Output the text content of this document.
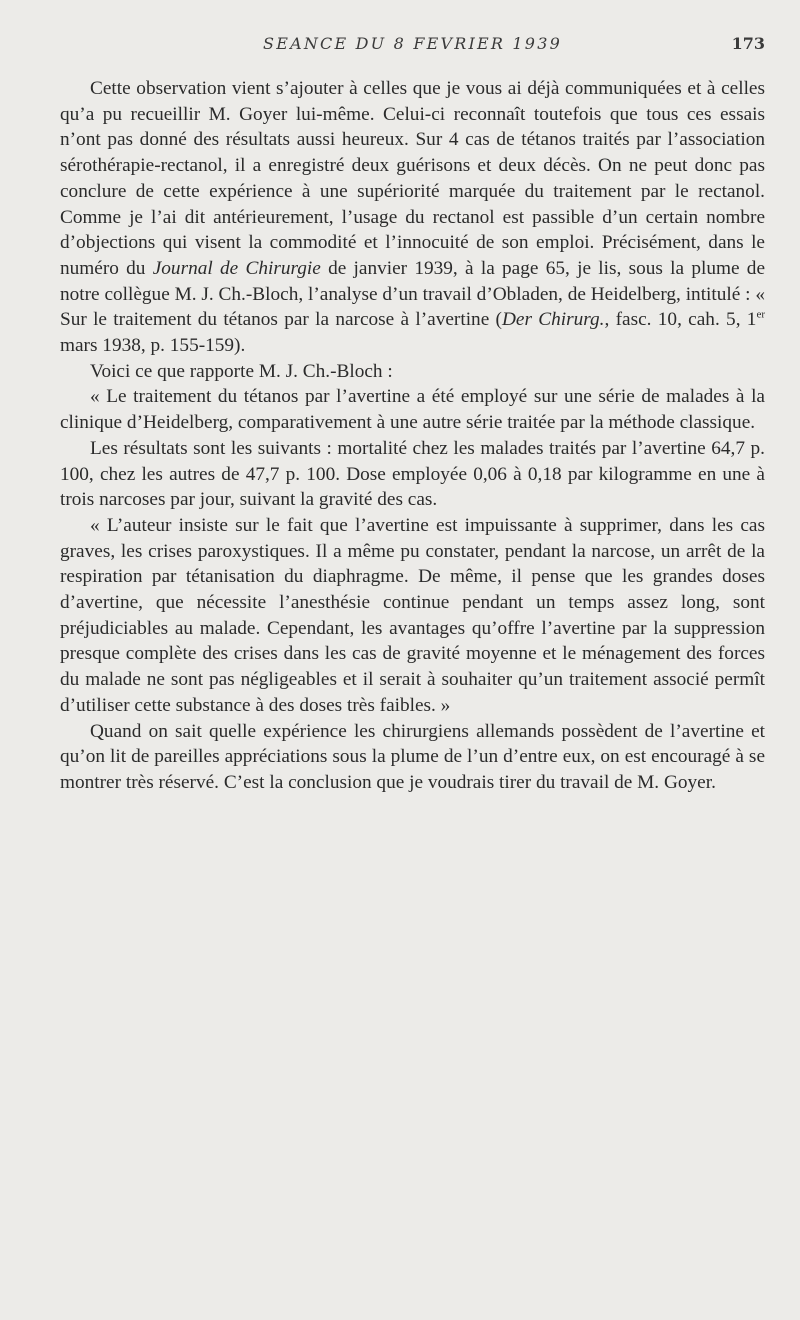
SEANCE DU 8 FEVRIER 1939	173

Cette observation vient s’ajouter à celles que je vous ai déjà communiquées et à celles qu’a pu recueillir M. Goyer lui-même. Celui-ci reconnaît toutefois que tous ces essais n’ont pas donné des résultats aussi heureux. Sur 4 cas de tétanos traités par l’association sérothérapie-rectanol, il a enregistré deux guérisons et deux décès. On ne peut donc pas conclure de cette expérience à une supériorité marquée du traitement par le rectanol. Comme je l’ai dit antérieurement, l’usage du rectanol est passible d’un certain nombre d’objections qui visent la commodité et l’innocuité de son emploi. Précisément, dans le numéro du Journal de Chirurgie de janvier 1939, à la page 65, je lis, sous la plume de notre collègue M. J. Ch.-Bloch, l’analyse d’un travail d’Obladen, de Heidelberg, intitulé : « Sur le traitement du tétanos par la narcose à l’avertine (Der Chirurg., fasc. 10, cah. 5, 1er mars 1938, p. 155-159).

Voici ce que rapporte M. J. Ch.-Bloch :

« Le traitement du tétanos par l’avertine a été employé sur une série de malades à la clinique d’Heidelberg, comparativement à une autre série traitée par la méthode classique.

Les résultats sont les suivants : mortalité chez les malades traités par l’avertine 64,7 p. 100, chez les autres de 47,7 p. 100. Dose employée 0,06 à 0,18 par kilogramme en une à trois narcoses par jour, suivant la gravité des cas.

« L’auteur insiste sur le fait que l’avertine est impuissante à supprimer, dans les cas graves, les crises paroxystiques. Il a même pu constater, pendant la narcose, un arrêt de la respiration par tétanisation du diaphragme. De même, il pense que les grandes doses d’avertine, que nécessite l’anesthésie continue pendant un temps assez long, sont préjudiciables au malade. Cependant, les avantages qu’offre l’avertine par la suppression presque complète des crises dans les cas de gravité moyenne et le ménagement des forces du malade ne sont pas négligeables et il serait à souhaiter qu’un traitement associé permît d’utiliser cette substance à des doses très faibles. »

Quand on sait quelle expérience les chirurgiens allemands possèdent de l’avertine et qu’on lit de pareilles appréciations sous la plume de l’un d’entre eux, on est encouragé à se montrer très réservé. C’est la conclusion que je voudrais tirer du travail de M. Goyer.
